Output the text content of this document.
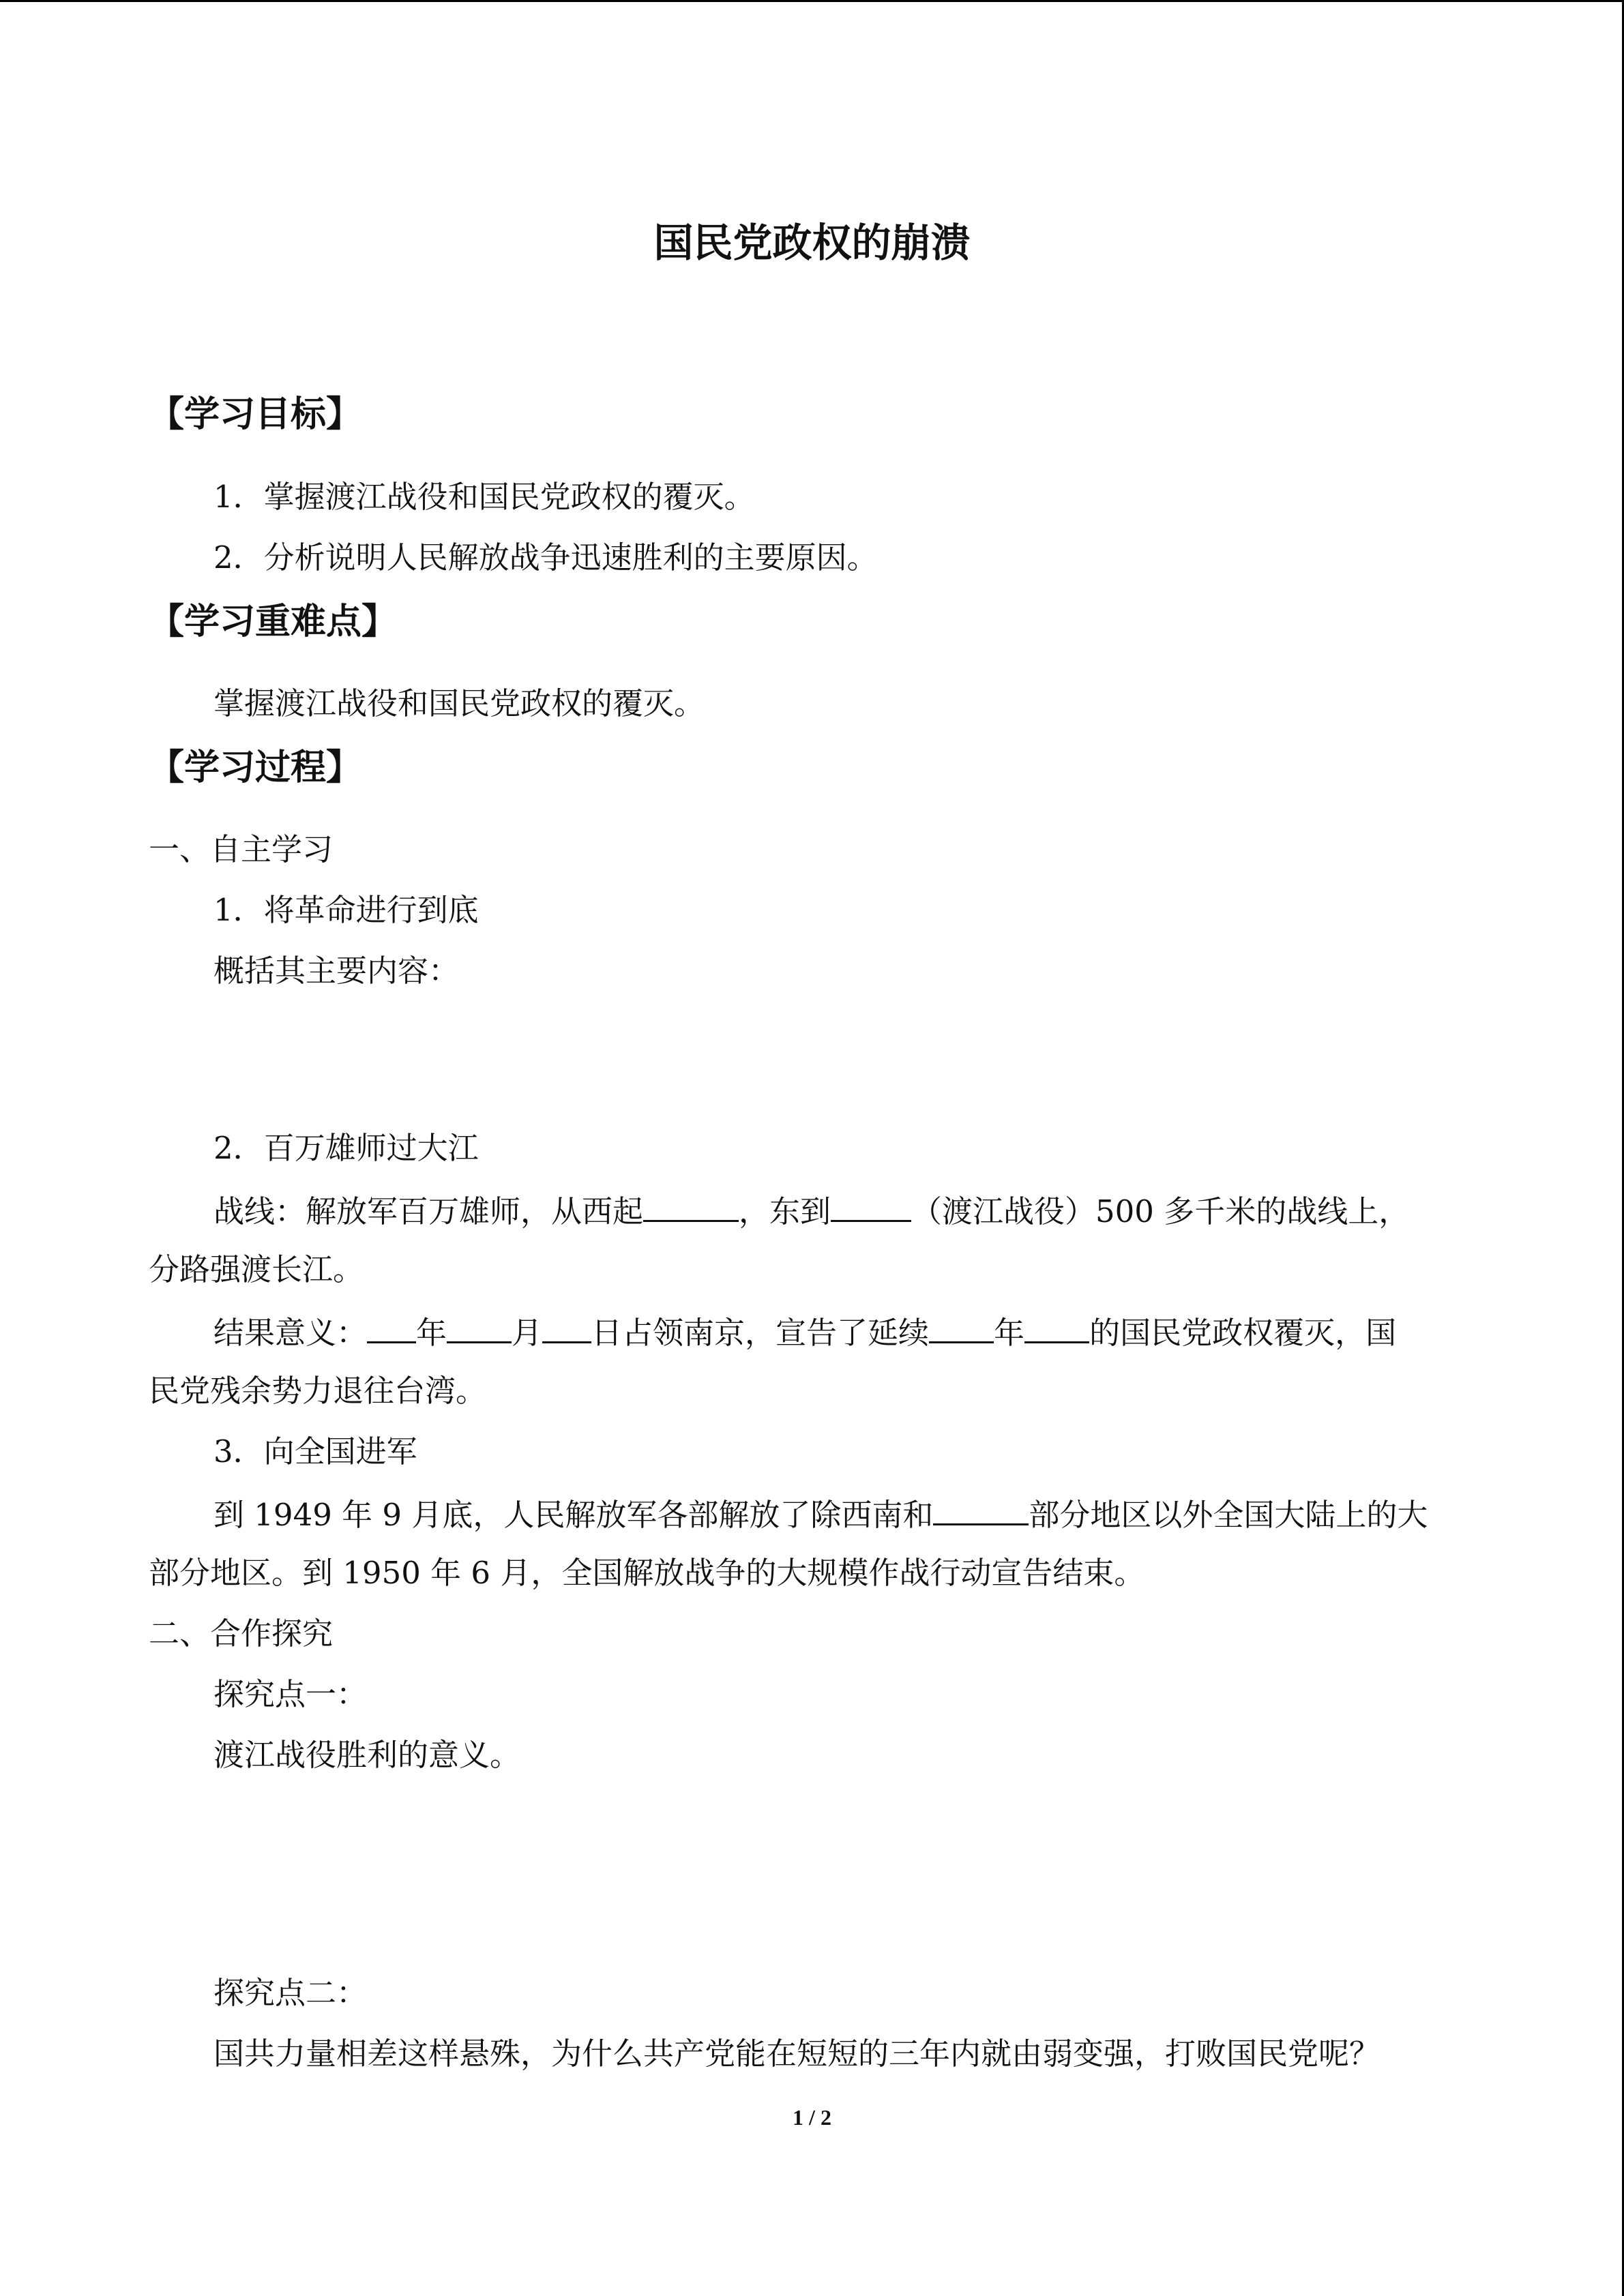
国民党政权的崩溃
【学习目标】
1．掌握渡江战役和国民党政权的覆灭。
2．分析说明人民解放战争迅速胜利的主要原因。
【学习重难点】
掌握渡江战役和国民党政权的覆灭。
【学习过程】
一、自主学习
1．将革命进行到底
概括其主要内容：
2．百万雄师过大江
战线：解放军百万雄师，从西起	，东到	（渡江战役）500 多千米的战线上，
分路强渡长江。
结果意义： 年 月 日占领南京，宣告了延续 年 的国民党政权覆灭，国
民党残余势力退往台湾。
3．向全国进军
到 1949 年 9 月底，人民解放军各部解放了除西南和	部分地区以外全国大陆上的大
部分地区。到 1950 年 6 月，全国解放战争的大规模作战行动宣告结束。
二、合作探究
探究点一：
渡江战役胜利的意义。
探究点二：
国共力量相差这样悬殊，为什么共产党能在短短的三年内就由弱变强，打败国民党呢？
1 / 2
